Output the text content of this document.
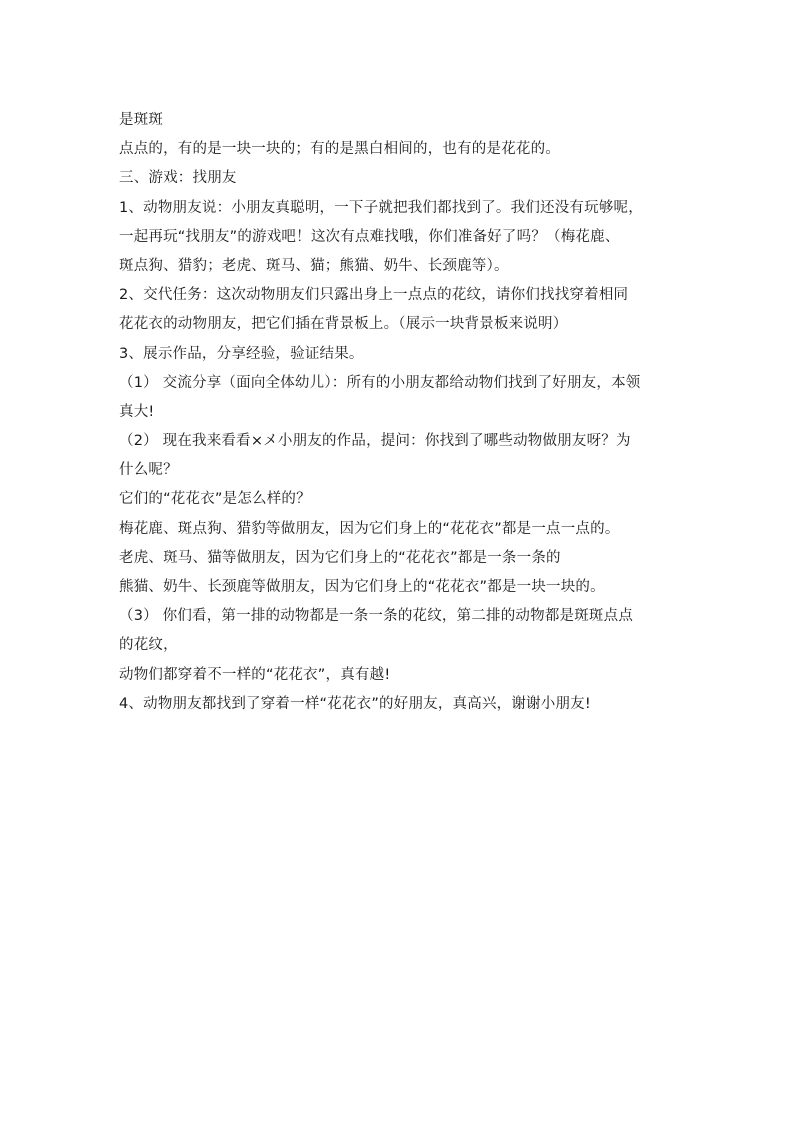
是斑斑
点点的，有的是一块一块的；有的是黑白相间的，也有的是花花的。
三、游戏：找朋友
1、动物朋友说：小朋友真聪明，一下子就把我们都找到了。我们还没有玩够呢，
一起再玩“找朋友”的游戏吧！这次有点难找哦，你们准备好了吗？（梅花鹿、
斑点狗、猎豹；老虎、斑马、猫；熊猫、奶牛、长颈鹿等）。
2、交代任务：这次动物朋友们只露出身上一点点的花纹，请你们找找穿着相同
花花衣的动物朋友，把它们插在背景板上。（展示一块背景板来说明）
3、展示作品，分享经验，验证结果。
（1） 交流分享（面向全体幼儿）：所有的小朋友都给动物们找到了好朋友，本领
真大!
（2） 现在我来看看×メ小朋友的作品，提问：你找到了哪些动物做朋友呀？为
什么呢？
它们的“花花衣”是怎么样的？
梅花鹿、斑点狗、猎豹等做朋友，因为它们身上的“花花衣”都是一点一点的。
老虎、斑马、猫等做朋友，因为它们身上的“花花衣”都是一条一条的
熊猫、奶牛、长颈鹿等做朋友，因为它们身上的“花花衣”都是一块一块的。
（3） 你们看，第一排的动物都是一条一条的花纹，第二排的动物都是斑斑点点
的花纹，
动物们都穿着不一样的“花花衣”，真有越!
4、动物朋友都找到了穿着一样“花花衣”的好朋友，真高兴，谢谢小朋友!
